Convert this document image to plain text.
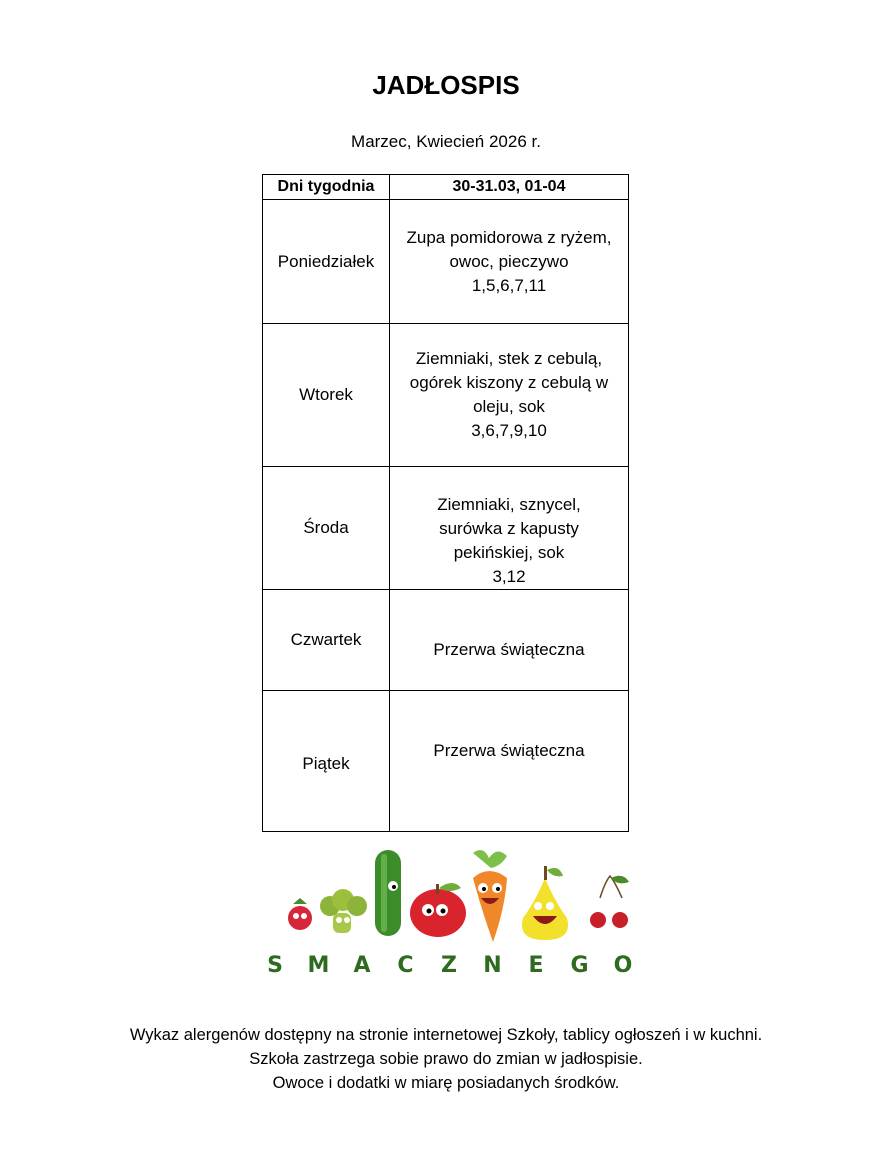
JADŁOSPIS
Marzec, Kwiecień 2026 r.
Dni tygodnia	30-31.03, 01-04
Poniedziałek	Zupa pomidorowa z ryżem,
owoc, pieczywo
1,5,6,7,11

Wtorek	Ziemniaki, stek z cebulą,
ogórek kiszony z cebulą w
oleju, sok
3,6,7,9,10

Środa	Ziemniaki, sznycel,
surówka z kapusty
pekińskiej, sok
3,12

Czwartek	Przerwa świąteczna

Piątek	Przerwa świąteczna
S M A C Z N E G O
Wykaz alergenów dostępny na stronie internetowej Szkoły, tablicy ogłoszeń i w kuchni.
Szkoła zastrzega sobie prawo do zmian w jadłospisie.
Owoce i dodatki w miarę posiadanych środków.
